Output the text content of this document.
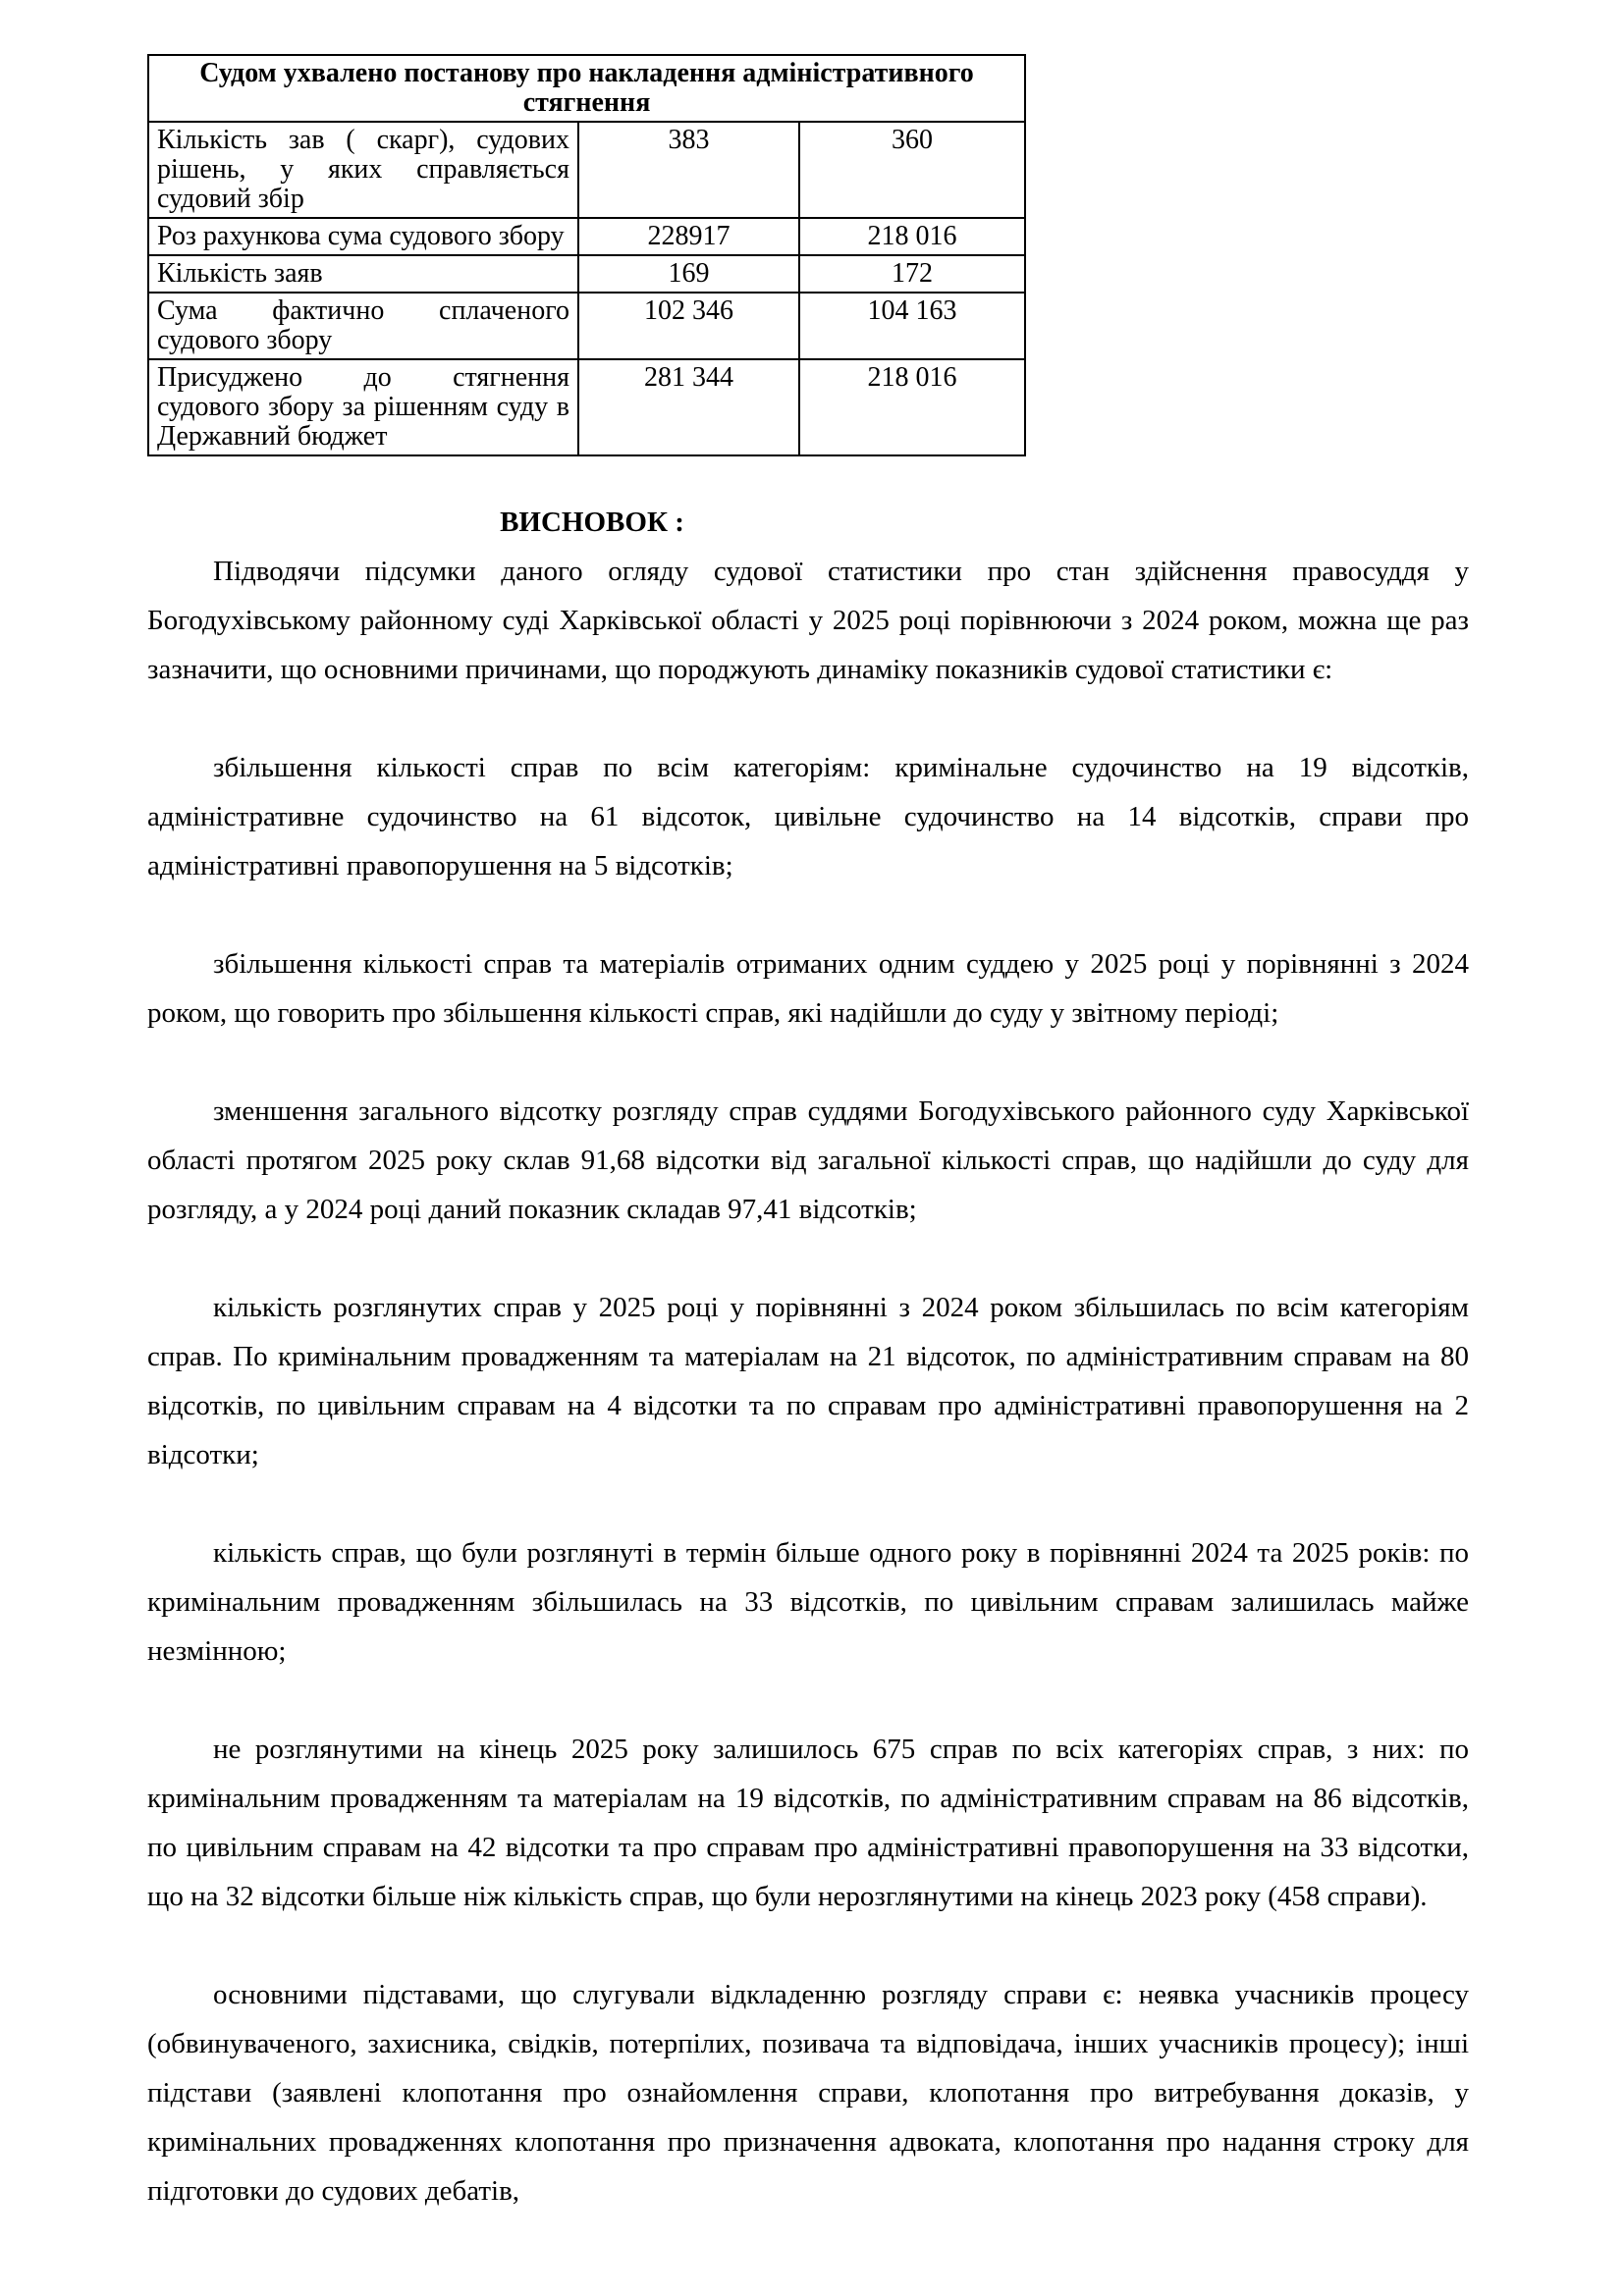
Судом ухвалено постанову про накладення адміністративного стягнення		
Кількість зав ( скарг), судових рішень, у яких справляється судовий збір	383	360
Роз рахункова сума судового збору	228917	218 016
Кількість заяв	169	172
Сума фактично сплаченого судового збору	102 346	104 163
Присуджено до стягнення судового збору за рішенням суду в Державний бюджет	281 344	218 016
ВИСНОВОК :

Підводячи підсумки даного огляду судової статистики про стан здійснення правосуддя у Богодухівському районному суді Харківської області у 2025 році порівнюючи з 2024 роком, можна ще раз зазначити, що основними причинами, що породжують динаміку показників судової статистики є:

збільшення кількості справ по всім категоріям: кримінальне судочинство на 19 відсотків, адміністративне судочинство на 61 відсоток, цивільне судочинство на 14 відсотків, справи про адміністративні правопорушення на 5 відсотків;

збільшення кількості справ та матеріалів отриманих одним суддею у 2025 році у порівнянні з 2024 роком, що говорить про збільшення кількості справ, які надійшли до суду у звітному періоді;

зменшення загального відсотку розгляду справ суддями Богодухівського районного суду Харківської області протягом 2025 року склав 91,68 відсотки від загальної кількості справ, що надійшли до суду для розгляду, а у 2024 році даний показник складав 97,41 відсотків;

кількість розглянутих справ у 2025 році у порівнянні з 2024 роком збільшилась по всім категоріям справ. По кримінальним провадженням та матеріалам на 21 відсоток, по адміністративним справам на 80 відсотків, по цивільним справам на 4 відсотки та по справам про адміністративні правопорушення на 2 відсотки;

кількість справ, що були розглянуті в термін більше одного року в порівнянні 2024 та 2025 років: по кримінальним провадженням збільшилась на 33 відсотків, по цивільним справам залишилась майже незмінною;

не розглянутими на кінець 2025 року залишилось 675 справ по всіх категоріях справ, з них: по кримінальним провадженням та матеріалам на 19 відсотків, по адміністративним справам на 86 відсотків, по цивільним справам на 42 відсотки та про справам про адміністративні правопорушення на 33 відсотки, що на 32 відсотки більше ніж кількість справ, що були нерозглянутими на кінець 2023 року (458 справи).

основними підставами, що слугували відкладенню розгляду справи є: неявка учасників процесу (обвинуваченого, захисника, свідків, потерпілих, позивача та відповідача, інших учасників процесу); інші підстави (заявлені клопотання про ознайомлення справи, клопотання про витребування доказів, у кримінальних провадженнях клопотання про призначення адвоката, клопотання про надання строку для підготовки до судових дебатів,
